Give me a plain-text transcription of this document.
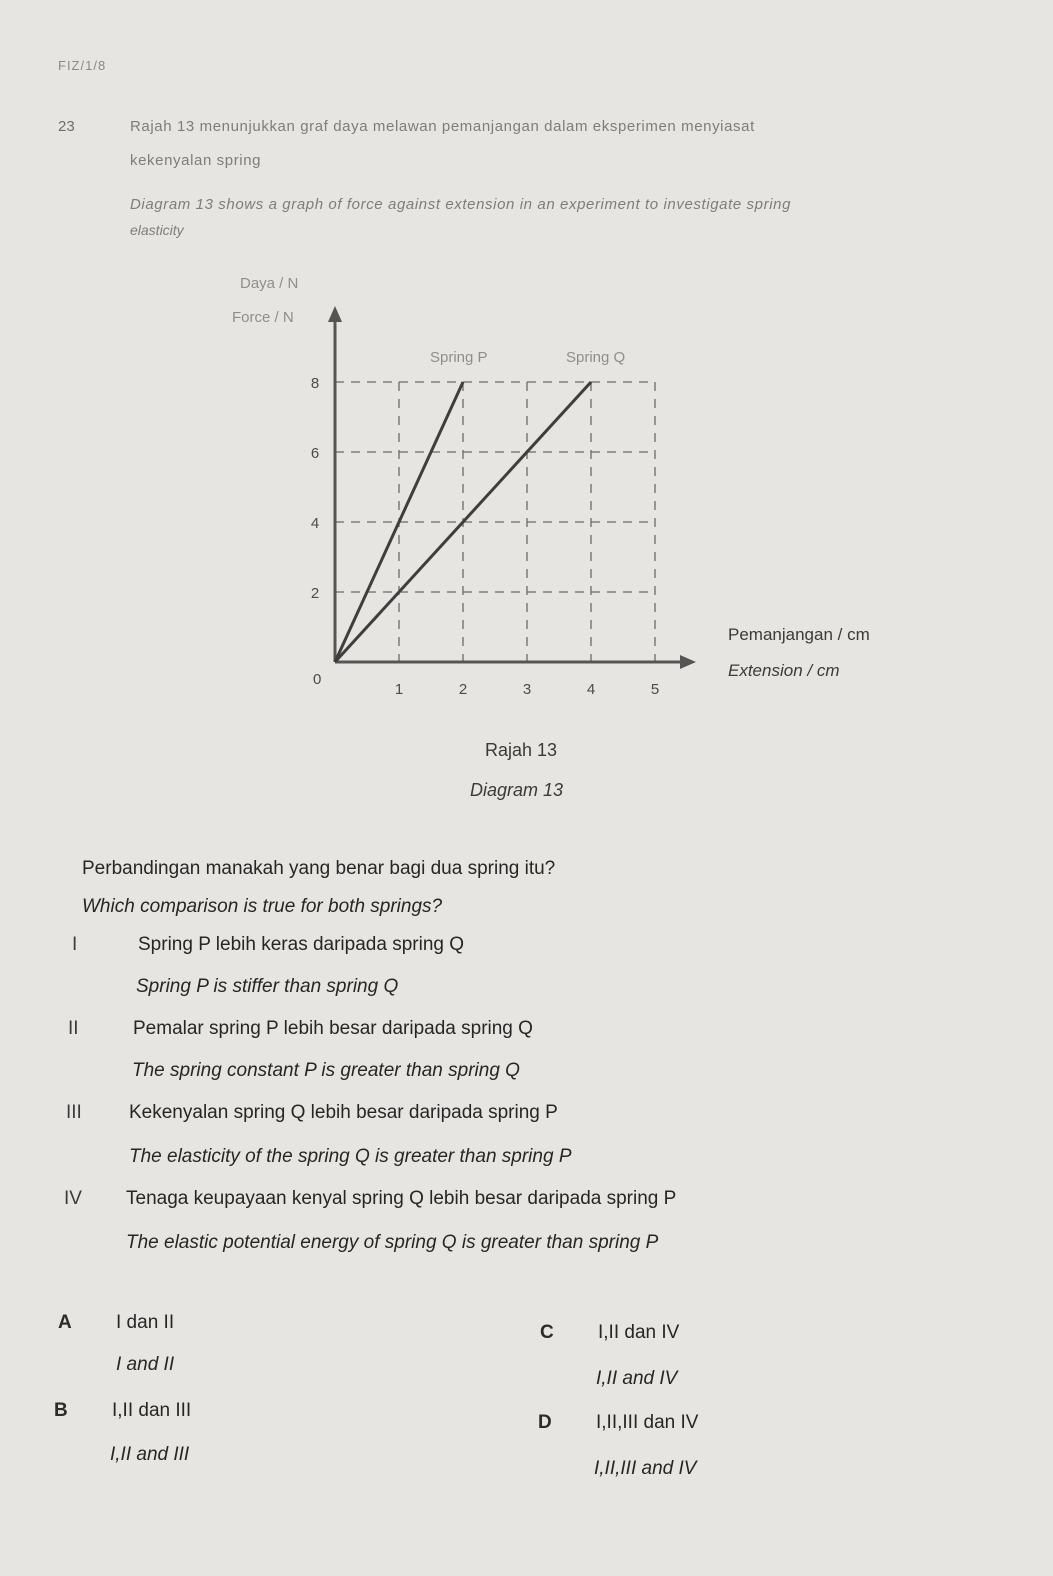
FIZ/1/8
23	Rajah 13 menunjukkan graf daya melawan pemanjangan dalam eksperimen menyiasat
kekenyalan spring
Diagram 13 shows a graph of force against extension in an experiment to investigate spring
elasticity
2
4
6
8
1	2	3	4	5
Daya / N
Force / N
Pemanjangan / cm
Extension / cm
0
Spring P	Spring Q
Rajah 13
Diagram 13
Perbandingan manakah yang benar bagi dua spring itu?
Which comparison is true for both springs?
I	Spring P lebih keras daripada spring Q
Spring P is stiffer than spring Q
II	Pemalar spring P lebih besar daripada spring Q
The spring constant P is greater than spring Q
III Kekenyalan spring Q lebih besar daripada spring P
The elasticity of the spring Q is greater than spring P
IV Tenaga keupayaan kenyal spring Q lebih besar daripada spring P
The elastic potential energy of spring Q is greater than spring P
A I dan II
I and II
B I,II dan III
I,II and III
C I,II dan IV
I,II and IV
D I,II,III dan IV
I,II,III and IV
